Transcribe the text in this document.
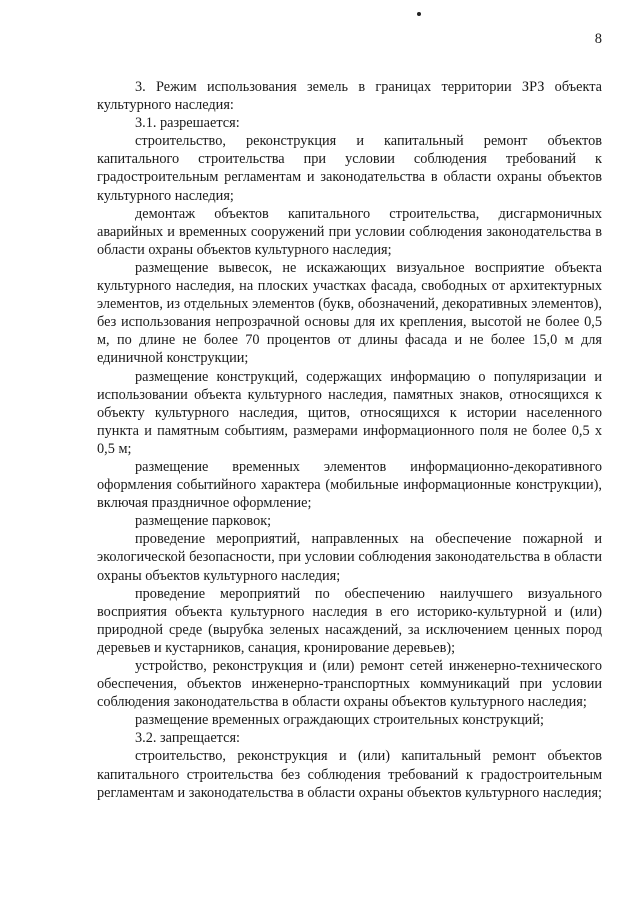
8

3. Режим использования земель в границах территории ЗРЗ объекта культурного наследия:

3.1. разрешается:

строительство, реконструкция и капитальный ремонт объектов капитального строительства при условии соблюдения требований к градостроительным регламентам и законодательства в области охраны объектов культурного наследия;

демонтаж объектов капитального строительства, дисгармоничных аварийных и временных сооружений при условии соблюдения законодательства в области охраны объектов культурного наследия;

размещение вывесок, не искажающих визуальное восприятие объекта культурного наследия, на плоских участках фасада, свободных от архитектурных элементов, из отдельных элементов (букв, обозначений, декоративных элементов), без использования непрозрачной основы для их крепления, высотой не более 0,5 м, по длине не более 70 процентов от длины фасада и не более 15,0 м для единичной конструкции;

размещение конструкций, содержащих информацию о популяризации и использовании объекта культурного наследия, памятных знаков, относящихся к объекту культурного наследия, щитов, относящихся к истории населенного пункта и памятным событиям, размерами информационного поля не более 0,5 х 0,5 м;

размещение временных элементов информационно-декоративного оформления событийного характера (мобильные информационные конструкции), включая праздничное оформление;

размещение парковок;

проведение мероприятий, направленных на обеспечение пожарной и экологической безопасности, при условии соблюдения законодательства в области охраны объектов культурного наследия;

проведение мероприятий по обеспечению наилучшего визуального восприятия объекта культурного наследия в его историко-культурной и (или) природной среде (вырубка зеленых насаждений, за исключением ценных пород деревьев и кустарников, санация, кронирование деревьев);

устройство, реконструкция и (или) ремонт сетей инженерно-технического обеспечения, объектов инженерно-транспортных коммуникаций при условии соблюдения законодательства в области охраны объектов культурного наследия;

размещение временных ограждающих строительных конструкций;

3.2. запрещается:

строительство, реконструкция и (или) капитальный ремонт объектов капитального строительства без соблюдения требований к градостроительным регламентам и законодательства в области охраны объектов культурного наследия;
